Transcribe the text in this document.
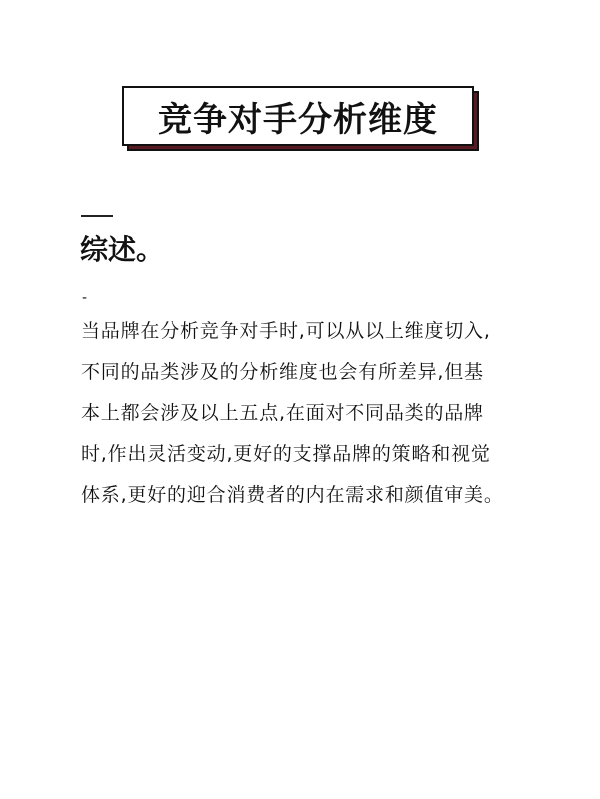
竞争对手分析维度
综述。
-
当品牌在分析竞争对手时,可以从以上维度切入,
不同的品类涉及的分析维度也会有所差异,但基
本上都会涉及以上五点,在面对不同品类的品牌
时,作出灵活变动,更好的支撑品牌的策略和视觉
体系,更好的迎合消费者的内在需求和颜值审美。
